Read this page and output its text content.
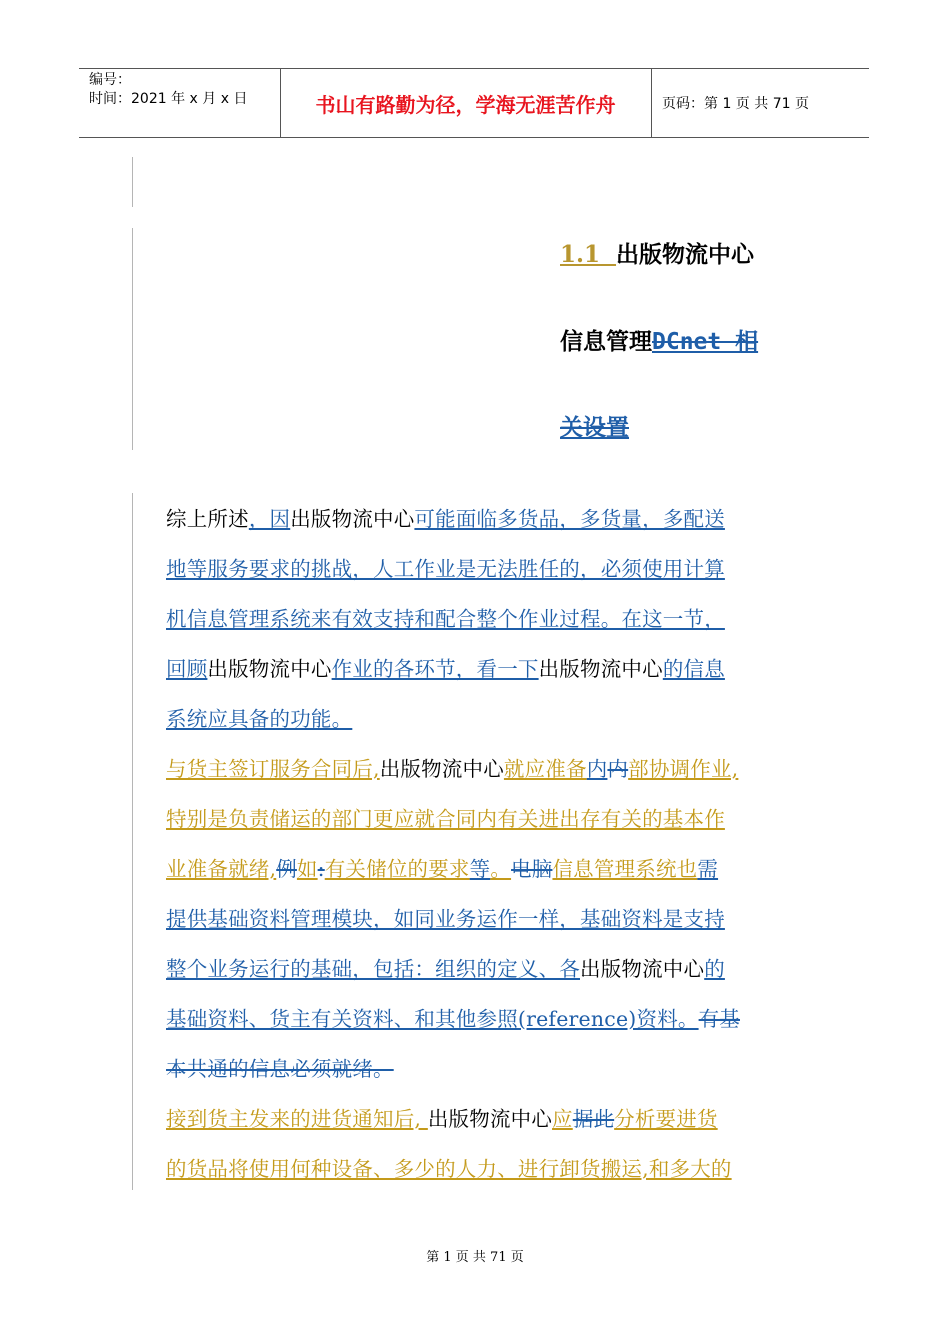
编号：
时间：2021 年 x 月 x 日	书山有路勤为径，学海无涯苦作舟	页码：第 1 页 共 71 页
1.1 出版物流中心
信息管理DCnet 相
关设置
综上所述，因出版物流中心可能面临多货品，多货量，多配送
地等服务要求的挑战，人工作业是无法胜任的，必须使用计算
机信息管理系统来有效支持和配合整个作业过程。在这一节，
回顾出版物流中心作业的各环节，看一下出版物流中心的信息
系统应具备的功能。
与货主签订服务合同后,出版物流中心就应准备内内部协调作业,
特别是负责储运的部门更应就合同内有关进出存有关的基本作
业准备就绪,例如:有关储位的要求等。电脑信息管理系统也需
提供基础资料管理模块，如同业务运作一样，基础资料是支持
整个业务运行的基础，包括：组织的定义、各出版物流中心的
基础资料、货主有关资料、和其他参照(reference)资料。有基
本共通的信息必须就绪。
接到货主发来的进货通知后, 出版物流中心应据此分析要进货
的货品将使用何种设备、多少的人力、进行卸货搬运,和多大的
第 1 页 共 71 页
